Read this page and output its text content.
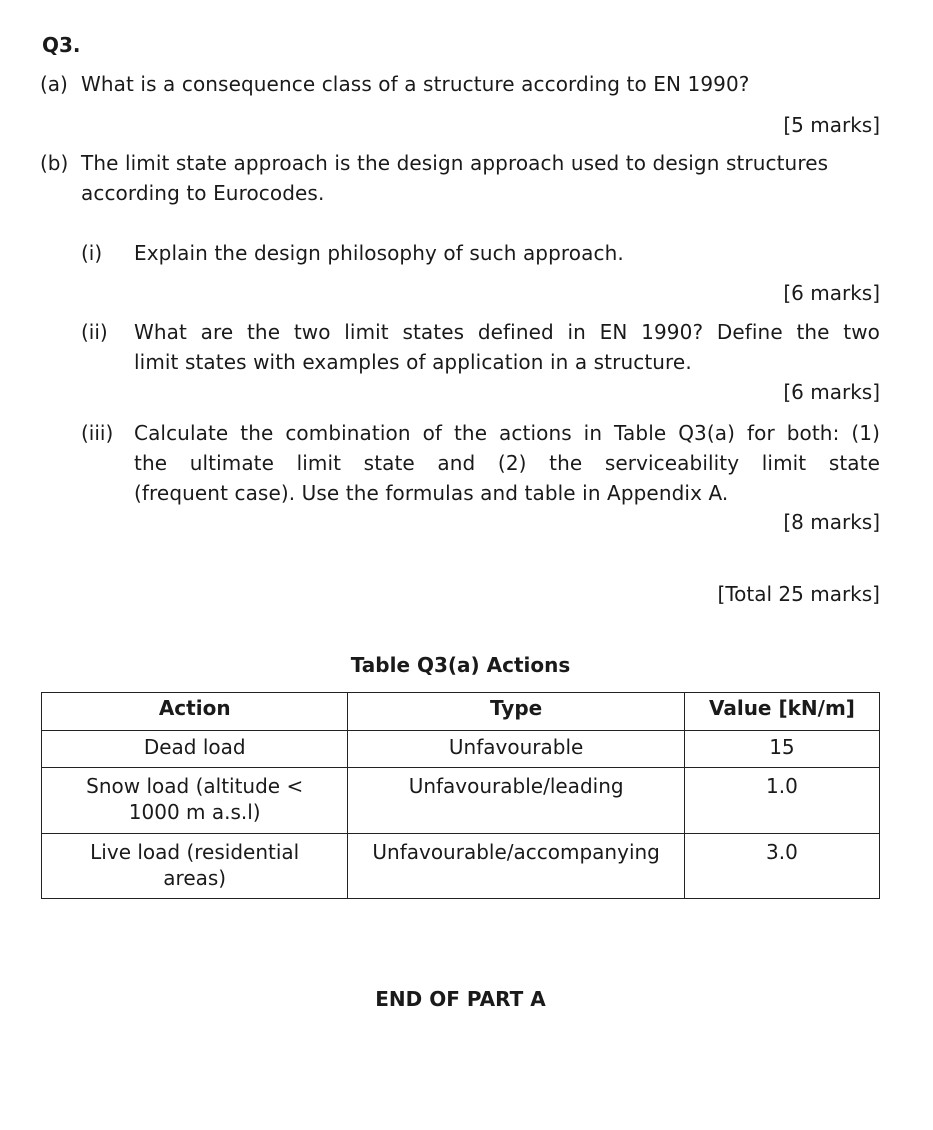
Q3.
(a) What is a consequence class of a structure according to EN 1990?
[5 marks]
(b) The limit state approach is the design approach used to design structures
according to Eurocodes.
(i) Explain the design philosophy of such approach.
[6 marks]
(ii) What are the two limit states defined in EN 1990? Define the two
limit states with examples of application in a structure.
[6 marks]
(iii) Calculate the combination of the actions in Table Q3(a) for both: (1)
the ultimate limit state and (2) the serviceability limit state
(frequent case). Use the formulas and table in Appendix A.
[8 marks]
[Total 25 marks]
Table Q3(a) Actions
Action	Type	Value [kN/m]
Dead load	Unfavourable	15
Snow load (altitude <
1000 m a.s.l)	Unfavourable/leading	1.0
Live load (residential
areas)	Unfavourable/accompanying	3.0
END OF PART A
